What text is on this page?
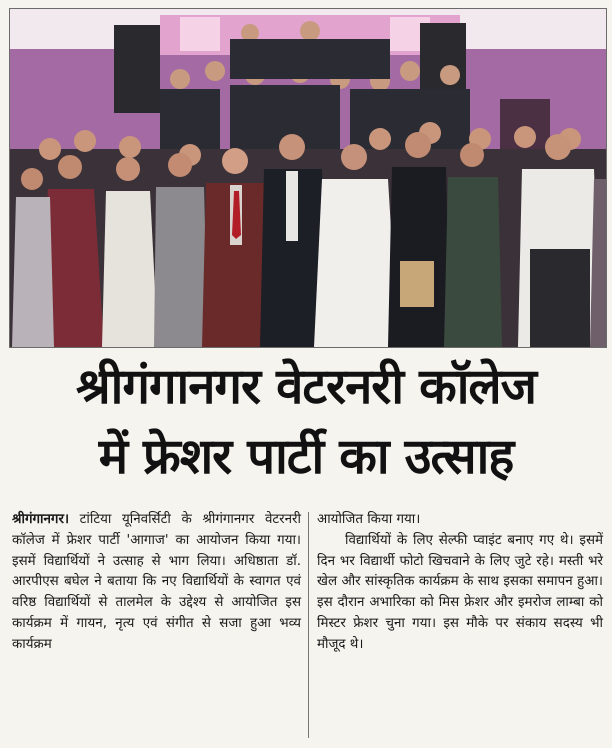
श्रीगंगानगर वेटरनरी कॉलेज
में फ्रेशर पार्टी का उत्साह

श्रीगंगानगर। टांटिया यूनिवर्सिटी के श्रीगंगानगर वेटरनरी कॉलेज में फ्रेशर पार्टी 'आगाज' का आयोजन किया गया। इसमें विद्यार्थियों ने उत्साह से भाग लिया। अधिष्ठाता डॉ. आरपीएस बघेल ने बताया कि नए विद्यार्थियों के स्वागत एवं वरिष्ठ विद्यार्थियों से तालमेल के उद्देश्य से आयोजित इस कार्यक्रम में गायन, नृत्य एवं संगीत से सजा हुआ भव्य कार्यक्रम

आयोजित किया गया।

विद्यार्थियों के लिए सेल्फी प्वाइंट बनाए गए थे। इसमें दिन भर विद्यार्थी फोटो खिचवाने के लिए जुटे रहे। मस्ती भरे खेल और सांस्कृतिक कार्यक्रम के साथ इसका समापन हुआ। इस दौरान अभारिका को मिस फ्रेशर और इमरोज लाम्बा को मिस्टर फ्रेशर चुना गया। इस मौके पर संकाय सदस्य भी मौजूद थे।
